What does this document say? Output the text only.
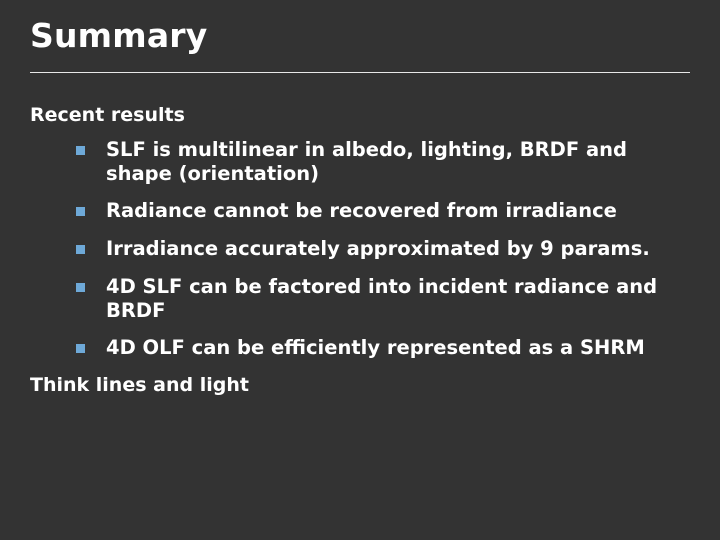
Summary
Recent results
SLF is multilinear in albedo, lighting, BRDF and shape (orientation)
Radiance cannot be recovered from irradiance
Irradiance accurately approximated by 9 params.
4D SLF can be factored into incident radiance and BRDF
4D OLF can be efficiently represented as a SHRM
Think lines and light
